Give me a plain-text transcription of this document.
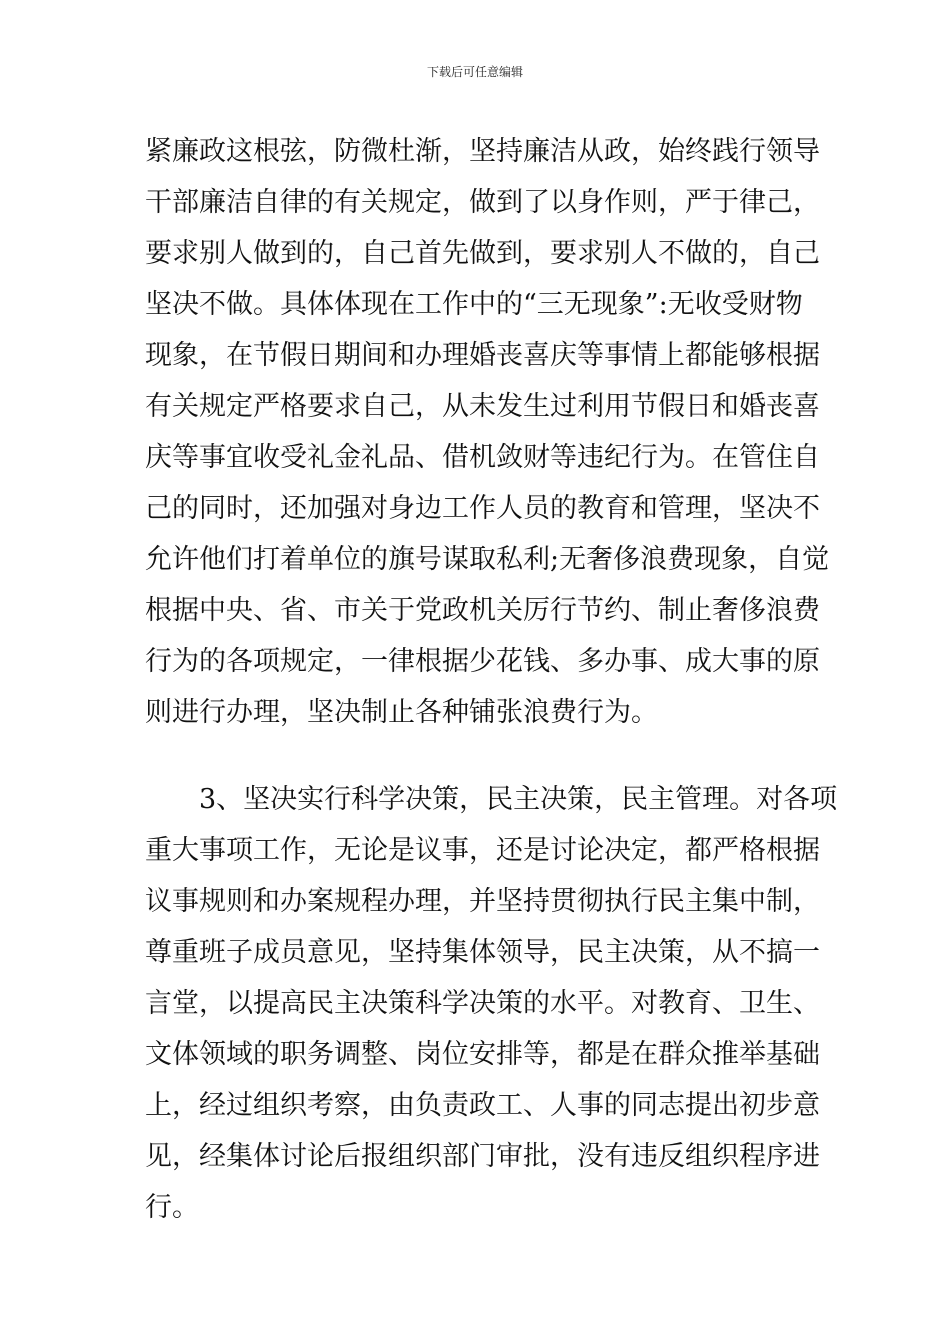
下载后可任意编辑
紧廉政这根弦，防微杜渐，坚持廉洁从政，始终践行领导
干部廉洁自律的有关规定，做到了以身作则，严于律己，
要求别人做到的，自己首先做到，要求别人不做的，自己
坚决不做。具体体现在工作中的“三无现象”:无收受财物
现象，在节假日期间和办理婚丧喜庆等事情上都能够根据
有关规定严格要求自己，从未发生过利用节假日和婚丧喜
庆等事宜收受礼金礼品、借机敛财等违纪行为。在管住自
己的同时，还加强对身边工作人员的教育和管理，坚决不
允许他们打着单位的旗号谋取私利;无奢侈浪费现象，自觉
根据中央、省、市关于党政机关厉行节约、制止奢侈浪费
行为的各项规定，一律根据少花钱、多办事、成大事的原
则进行办理，坚决制止各种铺张浪费行为。
　　3、坚决实行科学决策，民主决策，民主管理。对各项
重大事项工作，无论是议事，还是讨论决定，都严格根据
议事规则和办案规程办理，并坚持贯彻执行民主集中制，
尊重班子成员意见，坚持集体领导，民主决策，从不搞一
言堂，以提高民主决策科学决策的水平。对教育、卫生、
文体领域的职务调整、岗位安排等，都是在群众推举基础
上，经过组织考察，由负责政工、人事的同志提出初步意
见，经集体讨论后报组织部门审批，没有违反组织程序进
行。
